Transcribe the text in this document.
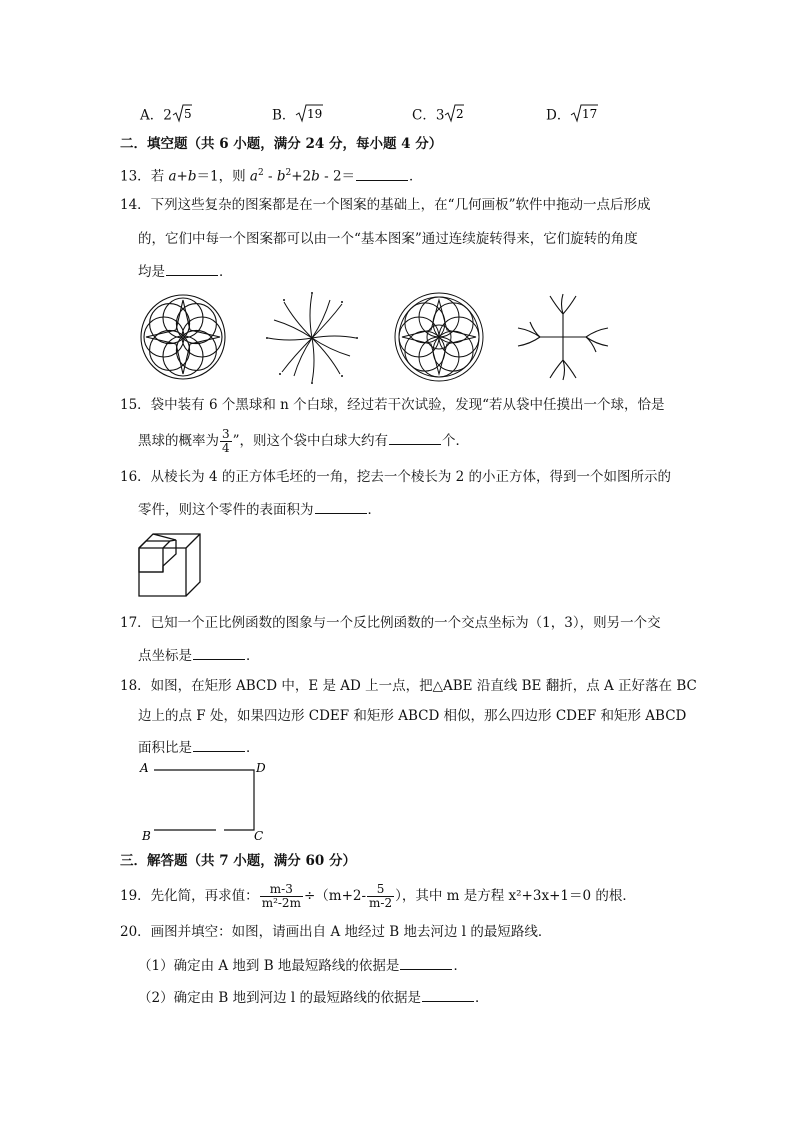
A．2 5	B． 19	C．3 2	D． 17
二．填空题（共 6 小题，满分 24 分，每小题 4 分）
13．若 a+b＝1，则 $a^2 - b^2+2b - 2=$	．
14．下列这些复杂的图案都是在一个图案的基础上，在“几何画板”软件中拖动一点后形成
的，它们中每一个图案都可以由一个“基本图案”通过连续旋转得来，它们旋转的角度
均是	．
15．袋中装有 6 个黑球和 n 个白球，经过若干次试验，发现“若从袋中任摸出一个球，恰是
黑球的概率为 $\frac{3}{4}$ ”，则这个袋中白球大约有	个．
16．从棱长为 4 的正方体毛坯的一角，挖去一个棱长为 2 的小正方体，得到一个如图所示的
零件，则这个零件的表面积为	．
17．已知一个正比例函数的图象与一个反比例函数的一个交点坐标为（1，3），则另一个交
点坐标是	．
18．如图，在矩形 ABCD 中，E 是 AD 上一点，把△ABE 沿直线 BE 翻折，点 A 正好落在 BC
边上的点 F 处，如果四边形 CDEF 和矩形 ABCD 相似，那么四边形 CDEF 和矩形 ABCD
面积比是	．
A	D
B	C
三．解答题（共 7 小题，满分 60 分）
19．先化简，再求值： $\frac{m-3}{\text{m²-2m}} \div(m+2- \frac{5}{m-2}$ ），其中 m 是方程 x²+3x+1＝0 的根．
20．画图并填空：如图，请画出自 A 地经过 B 地去河边 l 的最短路线．
（1）确定由 A 地到 B 地最短路线的依据是	．
（2）确定由 B 地到河边 l 的最短路线的依据是	．
